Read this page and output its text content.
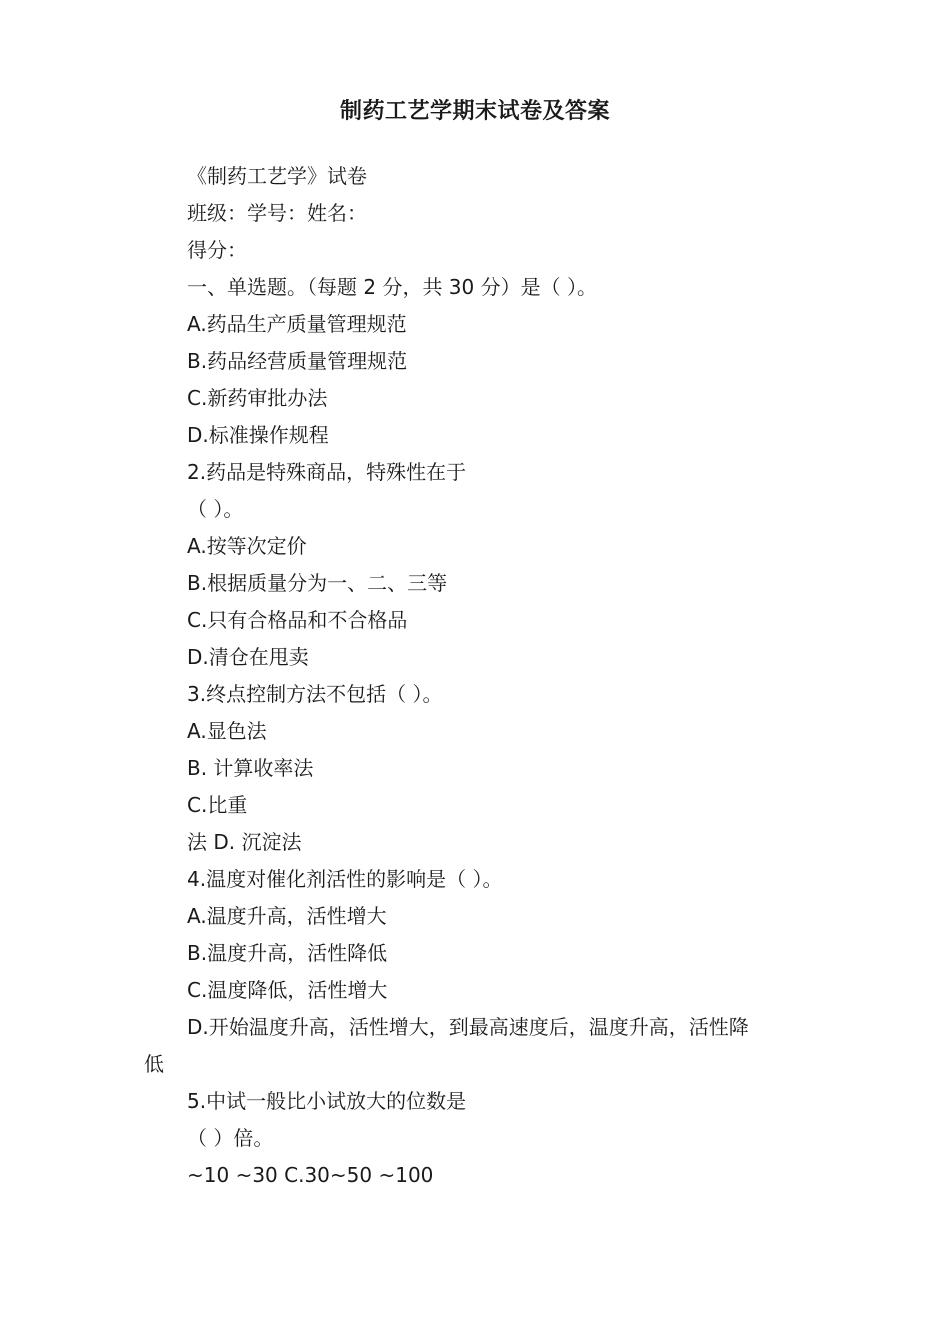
制药工艺学期末试卷及答案
《制药工艺学》试卷
班级：学号：姓名：
得分：
一、单选题。（每题 2 分，共 30 分）是（ ）。
A.药品生产质量管理规范
B.药品经营质量管理规范
C.新药审批办法
D.标准操作规程
2.药品是特殊商品，特殊性在于
（ ）。
A.按等次定价
B.根据质量分为一、二、三等
C.只有合格品和不合格品
D.清仓在甩卖
3.终点控制方法不包括（ ）。
A.显色法
B. 计算收率法
C.比重
法 D. 沉淀法
4.温度对催化剂活性的影响是（ ）。
A.温度升高，活性增大
B.温度升高，活性降低
C.温度降低，活性增大
D.开始温度升高，活性增大，到最高速度后，温度升高，活性降
低
5.中试一般比小试放大的位数是
（ ）倍。
~10 ~30 C.30~50 ~100
